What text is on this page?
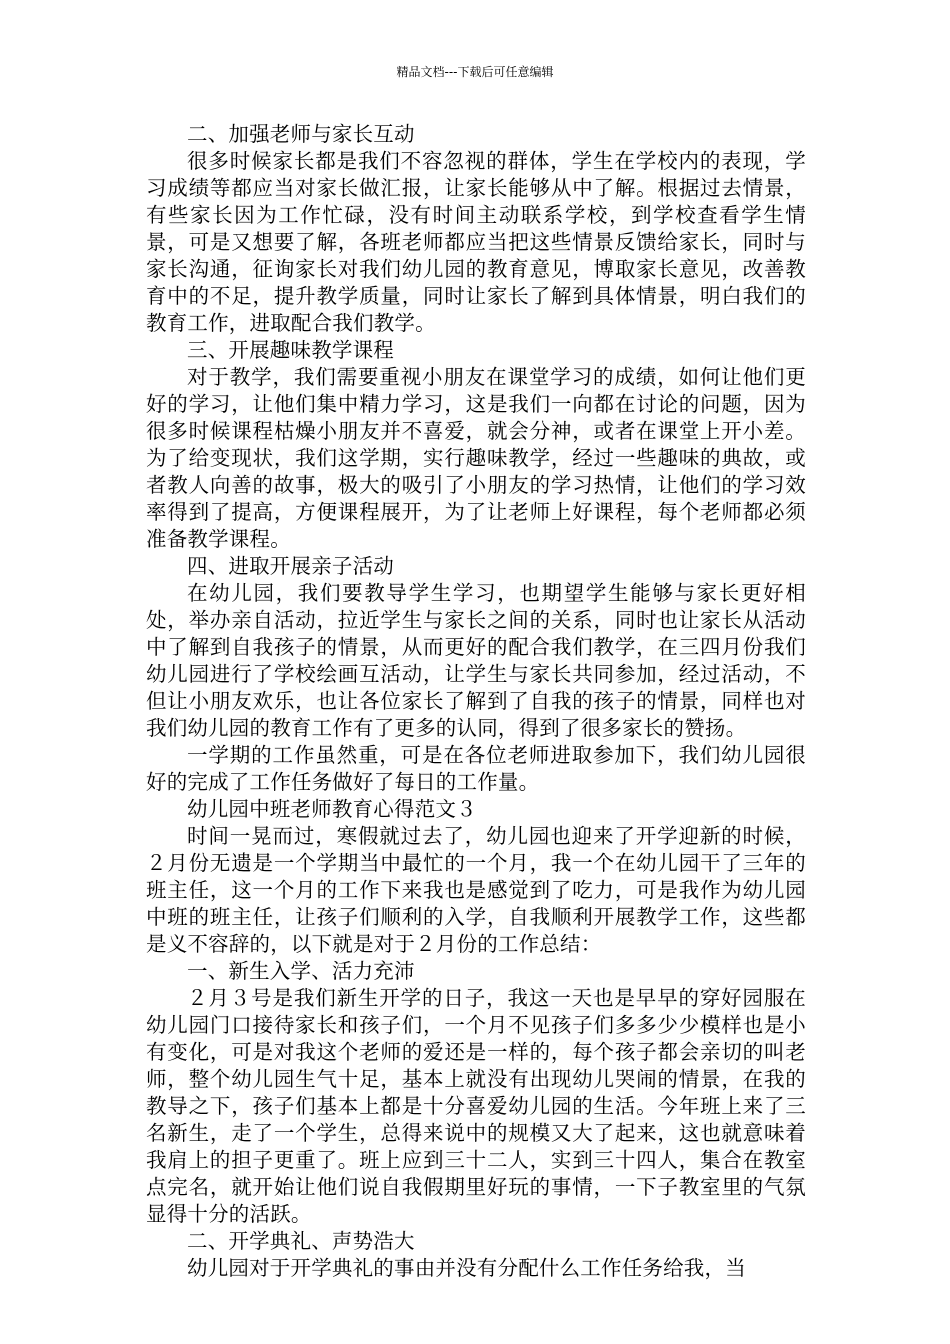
精品文档---下载后可任意编辑

二、加强老师与家长互动

很多时候家长都是我们不容忽视的群体，学生在学校内的表现，学习成绩等都应当对家长做汇报，让家长能够从中了解。根据过去情景，有些家长因为工作忙碌，没有时间主动联系学校，到学校查看学生情景，可是又想要了解，各班老师都应当把这些情景反馈给家长，同时与家长沟通，征询家长对我们幼儿园的教育意见，博取家长意见，改善教育中的不足，提升教学质量，同时让家长了解到具体情景，明白我们的教育工作，进取配合我们教学。

三、开展趣味教学课程

对于教学，我们需要重视小朋友在课堂学习的成绩，如何让他们更好的学习，让他们集中精力学习，这是我们一向都在讨论的问题，因为很多时候课程枯燥小朋友并不喜爱，就会分神，或者在课堂上开小差。为了给变现状，我们这学期，实行趣味教学，经过一些趣味的典故，或者教人向善的故事，极大的吸引了小朋友的学习热情，让他们的学习效率得到了提高，方便课程展开，为了让老师上好课程，每个老师都必须准备教学课程。

四、进取开展亲子活动

在幼儿园，我们要教导学生学习，也期望学生能够与家长更好相处，举办亲自活动，拉近学生与家长之间的关系，同时也让家长从活动中了解到自我孩子的情景，从而更好的配合我们教学，在三四月份我们幼儿园进行了学校绘画互活动，让学生与家长共同参加，经过活动，不但让小朋友欢乐，也让各位家长了解到了自我的孩子的情景，同样也对我们幼儿园的教育工作有了更多的认同，得到了很多家长的赞扬。

一学期的工作虽然重，可是在各位老师进取参加下，我们幼儿园很好的完成了工作任务做好了每日的工作量。

幼儿园中班老师教育心得范文３

时间一晃而过，寒假就过去了，幼儿园也迎来了开学迎新的时候，２月份无遗是一个学期当中最忙的一个月，我一个在幼儿园干了三年的班主任，这一个月的工作下来我也是感觉到了吃力，可是我作为幼儿园中班的班主任，让孩子们顺利的入学，自我顺利开展教学工作，这些都是义不容辞的，以下就是对于２月份的工作总结：

一、新生入学、活力充沛

２月３号是我们新生开学的日子，我这一天也是早早的穿好园服在幼儿园门口接待家长和孩子们，一个月不见孩子们多多少少模样也是小有变化，可是对我这个老师的爱还是一样的，每个孩子都会亲切的叫老师，整个幼儿园生气十足，基本上就没有出现幼儿哭闹的情景，在我的教导之下，孩子们基本上都是十分喜爱幼儿园的生活。今年班上来了三名新生，走了一个学生，总得来说中的规模又大了起来，这也就意味着我肩上的担子更重了。班上应到三十二人，实到三十四人，集合在教室点完名，就开始让他们说自我假期里好玩的事情，一下子教室里的气氛显得十分的活跃。

二、开学典礼、声势浩大

幼儿园对于开学典礼的事由并没有分配什么工作任务给我，当
